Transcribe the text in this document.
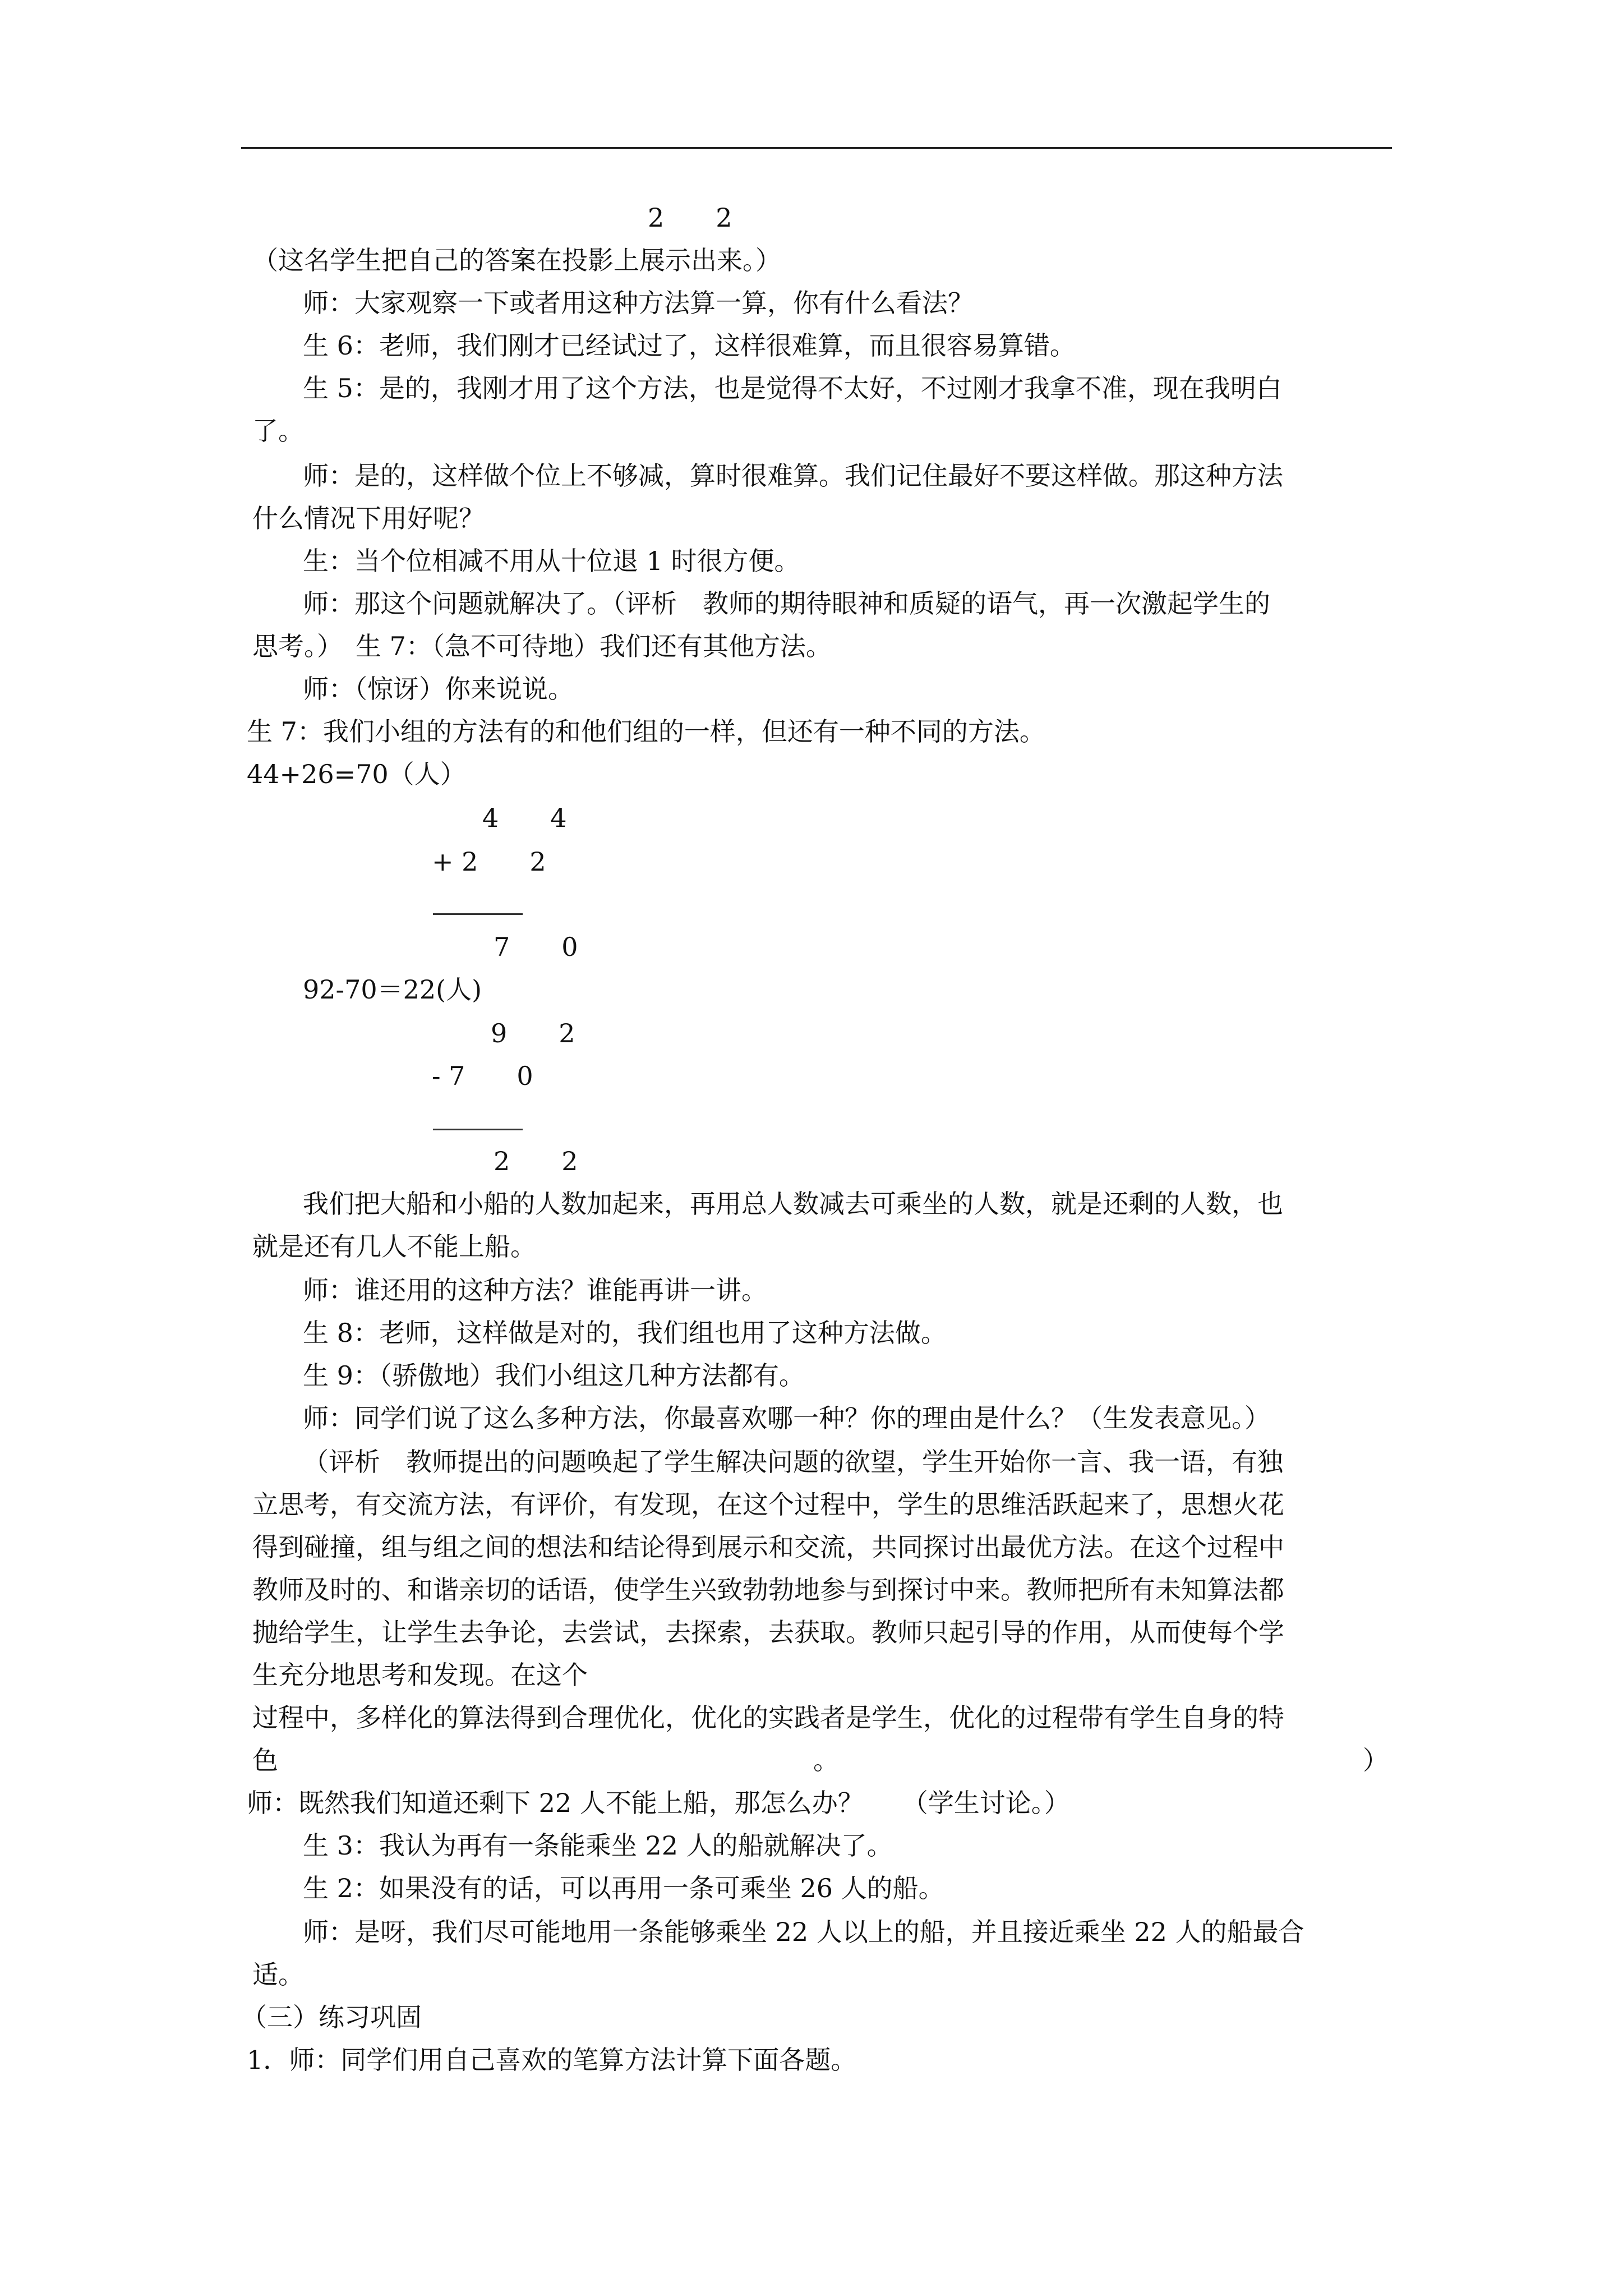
2　　2
（这名学生把自己的答案在投影上展示出来。）
师：大家观察一下或者用这种方法算一算，你有什么看法？
生 6：老师，我们刚才已经试过了，这样很难算，而且很容易算错。
生 5：是的，我刚才用了这个方法，也是觉得不太好，不过刚才我拿不准，现在我明白
了。
师：是的，这样做个位上不够减，算时很难算。我们记住最好不要这样做。那这种方法
什么情况下用好呢？
生：当个位相减不用从十位退 1 时很方便。
师：那这个问题就解决了。（评析　教师的期待眼神和质疑的语气，再一次激起学生的
思考。）　生 7：（急不可待地）我们还有其他方法。
师：（惊讶）你来说说。
生 7：我们小组的方法有的和他们组的一样，但还有一种不同的方法。
44+26=70（人）
4　　4
+ 2　　2
7　　0
92-70＝22(人)
9　　2
- 7　　0
2　　2
我们把大船和小船的人数加起来，再用总人数减去可乘坐的人数，就是还剩的人数，也
就是还有几人不能上船。
师：谁还用的这种方法？谁能再讲一讲。
生 8：老师，这样做是对的，我们组也用了这种方法做。
生 9：（骄傲地）我们小组这几种方法都有。
师：同学们说了这么多种方法，你最喜欢哪一种？你的理由是什么？（生发表意见。）
（评析　教师提出的问题唤起了学生解决问题的欲望，学生开始你一言、我一语，有独
立思考，有交流方法，有评价，有发现，在这个过程中，学生的思维活跃起来了，思想火花
得到碰撞，组与组之间的想法和结论得到展示和交流，共同探讨出最优方法。在这个过程中
教师及时的、和谐亲切的话语，使学生兴致勃勃地参与到探讨中来。教师把所有未知算法都
抛给学生，让学生去争论，去尝试，去探索，去获取。教师只起引导的作用，从而使每个学
生充分地思考和发现。在这个
过程中，多样化的算法得到合理优化，优化的实践者是学生，优化的过程带有学生自身的特
色	。	）
师：既然我们知道还剩下 22 人不能上船，那怎么办？　　（学生讨论。）
生 3：我认为再有一条能乘坐 22 人的船就解决了。
生 2：如果没有的话，可以再用一条可乘坐 26 人的船。
师：是呀，我们尽可能地用一条能够乘坐 22 人以上的船，并且接近乘坐 22 人的船最合
适。
（三）练习巩固
1．师：同学们用自己喜欢的笔算方法计算下面各题。
